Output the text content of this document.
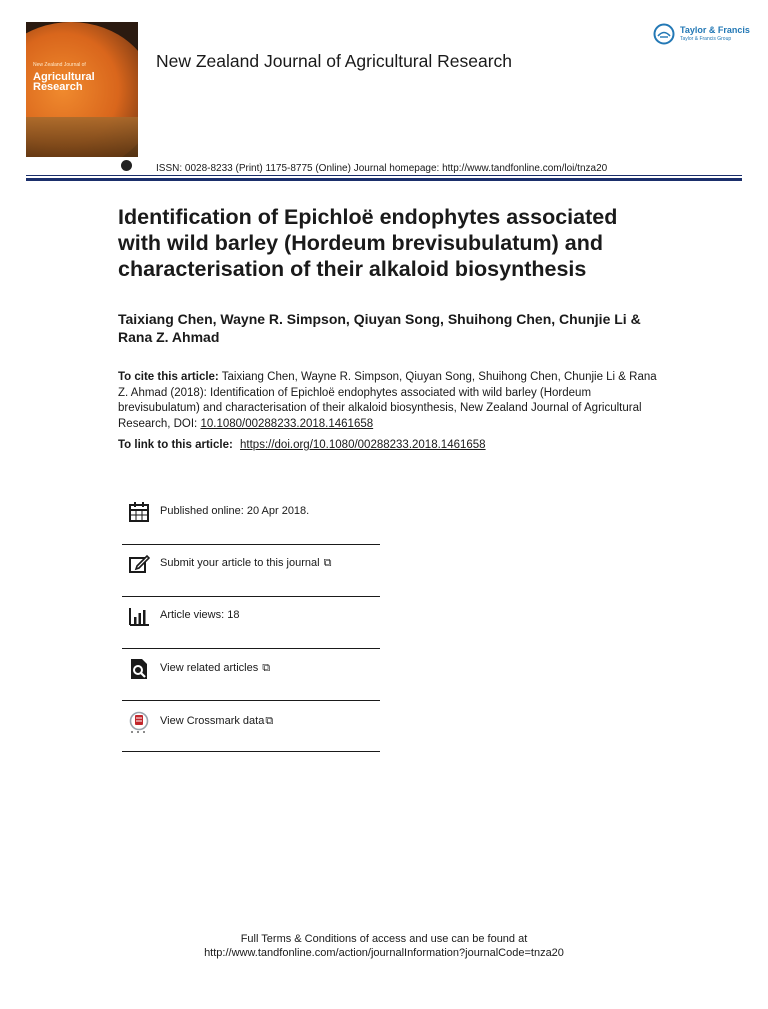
New Zealand Journal of
Agricultural Research
New Zealand Journal of Agricultural Research
Taylor & Francis
Taylor & Francis Group
ISSN: 0028-8233 (Print) 1175-8775 (Online) Journal homepage: http://www.tandfonline.com/loi/tnza20
Identification of Epichloë endophytes associated
with wild barley (Hordeum brevisubulatum) and
characterisation of their alkaloid biosynthesis
Taixiang Chen, Wayne R. Simpson, Qiuyan Song, Shuihong Chen, Chunjie Li &
Rana Z. Ahmad
To cite this article: Taixiang Chen, Wayne R. Simpson, Qiuyan Song, Shuihong Chen, Chunjie Li & Rana Z. Ahmad (2018): Identification of Epichloë endophytes associated with wild barley (Hordeum brevisubulatum) and characterisation of their alkaloid biosynthesis, New Zealand Journal of Agricultural Research, DOI: 10.1080/00288233.2018.1461658
To link to this article: https://doi.org/10.1080/00288233.2018.1461658
Published online: 20 Apr 2018.
Submit your article to this journal ⧉
Article views: 18
View related articles ⧉
View Crossmark data⧉
Full Terms & Conditions of access and use can be found at
http://www.tandfonline.com/action/journalInformation?journalCode=tnza20
